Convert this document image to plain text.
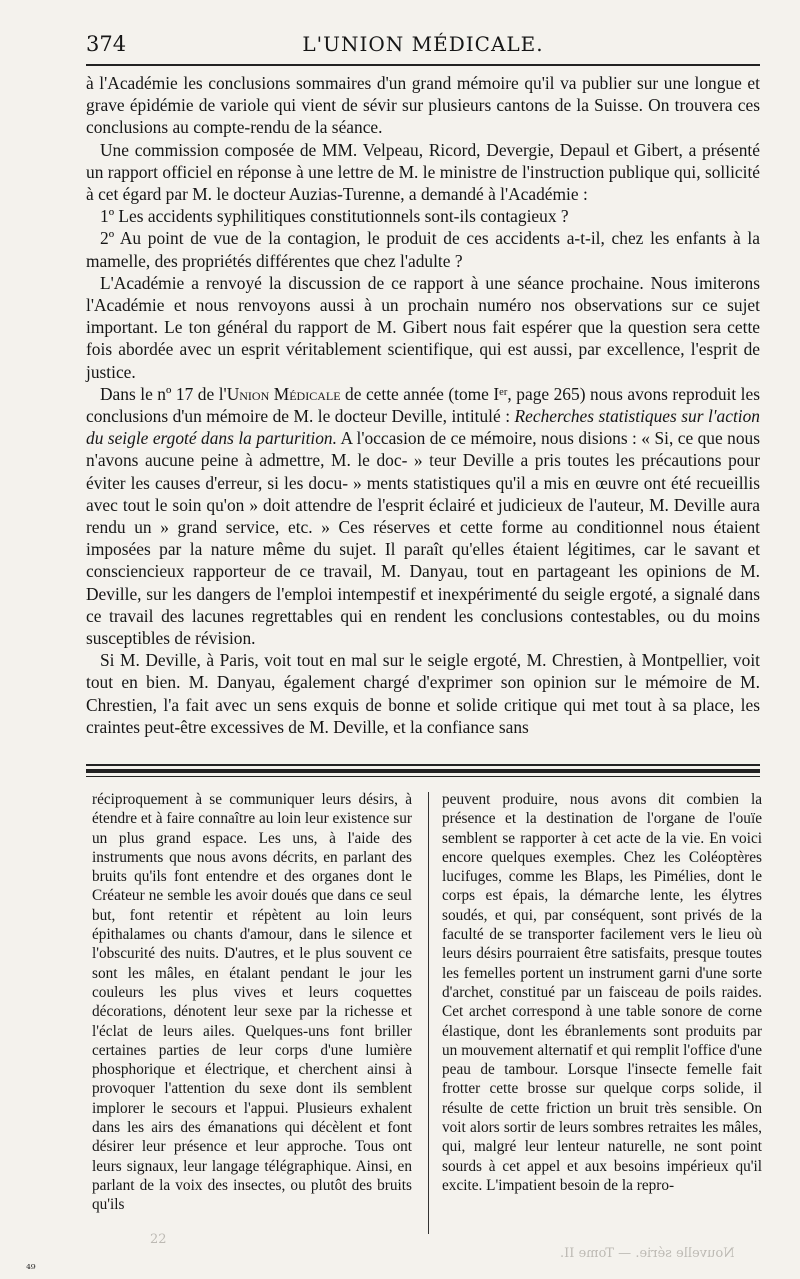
374	L'UNION MÉDICALE.

à l'Académie les conclusions sommaires d'un grand mémoire qu'il va publier sur une longue et grave épidémie de variole qui vient de sévir sur plusieurs cantons de la Suisse. On trouvera ces conclusions au compte-rendu de la séance.

Une commission composée de MM. Velpeau, Ricord, Devergie, Depaul et Gibert, a présenté un rapport officiel en réponse à une lettre de M. le ministre de l'instruction publique qui, sollicité à cet égard par M. le docteur Auzias-Turenne, a demandé à l'Académie :

1º Les accidents syphilitiques constitutionnels sont-ils contagieux ?

2º Au point de vue de la contagion, le produit de ces accidents a-t-il, chez les enfants à la mamelle, des propriétés différentes que chez l'adulte ?

L'Académie a renvoyé la discussion de ce rapport à une séance prochaine. Nous imiterons l'Académie et nous renvoyons aussi à un prochain numéro nos observations sur ce sujet important. Le ton général du rapport de M. Gibert nous fait espérer que la question sera cette fois abordée avec un esprit véritablement scientifique, qui est aussi, par excellence, l'esprit de justice.

Dans le nº 17 de l'Union Médicale de cette année (tome Iᵉʳ, page 265) nous avons reproduit les conclusions d'un mémoire de M. le docteur Deville, intitulé : Recherches statistiques sur l'action du seigle ergoté dans la parturition. A l'occasion de ce mémoire, nous disions : « Si, ce que nous n'avons aucune peine à admettre, M. le doc- » teur Deville a pris toutes les précautions pour éviter les causes d'erreur, si les docu- » ments statistiques qu'il a mis en œuvre ont été recueillis avec tout le soin qu'on » doit attendre de l'esprit éclairé et judicieux de l'auteur, M. Deville aura rendu un » grand service, etc. » Ces réserves et cette forme au conditionnel nous étaient imposées par la nature même du sujet. Il paraît qu'elles étaient légitimes, car le savant et consciencieux rapporteur de ce travail, M. Danyau, tout en partageant les opinions de M. Deville, sur les dangers de l'emploi intempestif et inexpérimenté du seigle ergoté, a signalé dans ce travail des lacunes regrettables qui en rendent les conclusions contestables, ou du moins susceptibles de révision.

Si M. Deville, à Paris, voit tout en mal sur le seigle ergoté, M. Chrestien, à Montpellier, voit tout en bien. M. Danyau, également chargé d'exprimer son opinion sur le mémoire de M. Chrestien, l'a fait avec un sens exquis de bonne et solide critique qui met tout à sa place, les craintes peut-être excessives de M. Deville, et la confiance sans

réciproquement à se communiquer leurs désirs, à étendre et à faire connaître au loin leur existence sur un plus grand espace. Les uns, à l'aide des instruments que nous avons décrits, en parlant des bruits qu'ils font entendre et des organes dont le Créateur ne semble les avoir doués que dans ce seul but, font retentir et répètent au loin leurs épithalames ou chants d'amour, dans le silence et l'obscurité des nuits. D'autres, et le plus souvent ce sont les mâles, en étalant pendant le jour les couleurs les plus vives et leurs coquettes décorations, dénotent leur sexe par la richesse et l'éclat de leurs ailes. Quelques-uns font briller certaines parties de leur corps d'une lumière phosphorique et électrique, et cherchent ainsi à provoquer l'attention du sexe dont ils semblent implorer le secours et l'appui. Plusieurs exhalent dans les airs des émanations qui décèlent et font désirer leur présence et leur approche. Tous ont leurs signaux, leur langage télégraphique. Ainsi, en parlant de la voix des insectes, ou plutôt des bruits qu'ils

peuvent produire, nous avons dit combien la présence et la destination de l'organe de l'ouïe semblent se rapporter à cet acte de la vie. En voici encore quelques exemples. Chez les Coléoptères lucifuges, comme les Blaps, les Pimélies, dont le corps est épais, la démarche lente, les élytres soudés, et qui, par conséquent, sont privés de la faculté de se transporter facilement vers le lieu où leurs désirs pourraient être satisfaits, presque toutes les femelles portent un instrument garni d'une sorte d'archet, constitué par un faisceau de poils raides. Cet archet correspond à une table sonore de corne élastique, dont les ébranlements sont produits par un mouvement alternatif et qui remplit l'office d'une peau de tambour. Lorsque l'insecte femelle fait frotter cette brosse sur quelque corps solide, il résulte de cette friction un bruit très sensible. On voit alors sortir de leurs sombres retraites les mâles, qui, malgré leur lenteur naturelle, ne sont point sourds à cet appel et aux besoins impérieux qu'il excite. L'impatient besoin de la repro-

Nouvelle série. — Tome II.
22
⁴⁹
